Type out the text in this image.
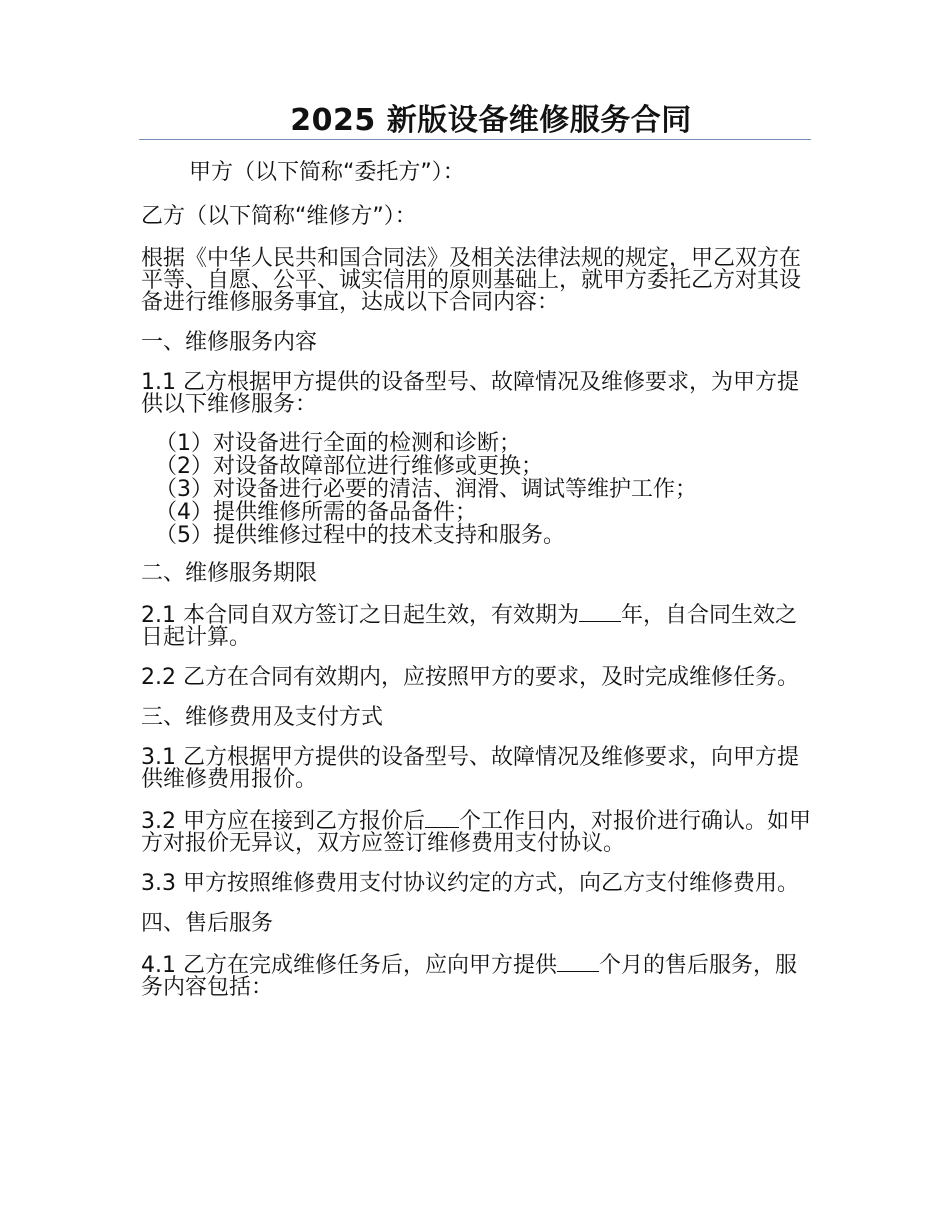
2025 新版设备维修服务合同

甲方（以下简称“委托方”）：

乙方（以下简称“维修方”）：

根据《中华人民共和国合同法》及相关法律法规的规定，甲乙双方在平等、自愿、公平、诚实信用的原则基础上，就甲方委托乙方对其设备进行维修服务事宜，达成以下合同内容：

一、维修服务内容

1.1 乙方根据甲方提供的设备型号、故障情况及维修要求，为甲方提供以下维修服务：

（1）对设备进行全面的检测和诊断；
（2）对设备故障部位进行维修或更换；
（3）对设备进行必要的清洁、润滑、调试等维护工作；
（4）提供维修所需的备品备件；
（5）提供维修过程中的技术支持和服务。

二、维修服务期限

2.1 本合同自双方签订之日起生效，有效期为 年，自合同生效之日起计算。

2.2 乙方在合同有效期内，应按照甲方的要求，及时完成维修任务。

三、维修费用及支付方式

3.1 乙方根据甲方提供的设备型号、故障情况及维修要求，向甲方提供维修费用报价。

3.2 甲方应在接到乙方报价后 个工作日内，对报价进行确认。如甲方对报价无异议，双方应签订维修费用支付协议。

3.3 甲方按照维修费用支付协议约定的方式，向乙方支付维修费用。

四、售后服务

4.1 乙方在完成维修任务后，应向甲方提供 个月的售后服务，服务内容包括：
